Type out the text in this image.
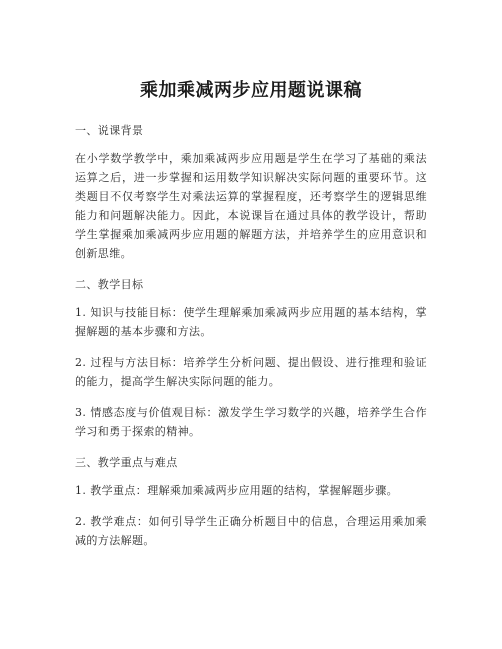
乘加乘减两步应用题说课稿

一、说课背景

在小学数学教学中，乘加乘减两步应用题是学生在学习了基础的乘法运算之后，进一步掌握和运用数学知识解决实际问题的重要环节。这类题目不仅考察学生对乘法运算的掌握程度，还考察学生的逻辑思维能力和问题解决能力。因此，本说课旨在通过具体的教学设计，帮助学生掌握乘加乘减两步应用题的解题方法，并培养学生的应用意识和创新思维。

二、教学目标

1. 知识与技能目标：使学生理解乘加乘减两步应用题的基本结构，掌握解题的基本步骤和方法。

2. 过程与方法目标：培养学生分析问题、提出假设、进行推理和验证的能力，提高学生解决实际问题的能力。

3. 情感态度与价值观目标：激发学生学习数学的兴趣，培养学生合作学习和勇于探索的精神。

三、教学重点与难点

1. 教学重点：理解乘加乘减两步应用题的结构，掌握解题步骤。

2. 教学难点：如何引导学生正确分析题目中的信息，合理运用乘加乘减的方法解题。
